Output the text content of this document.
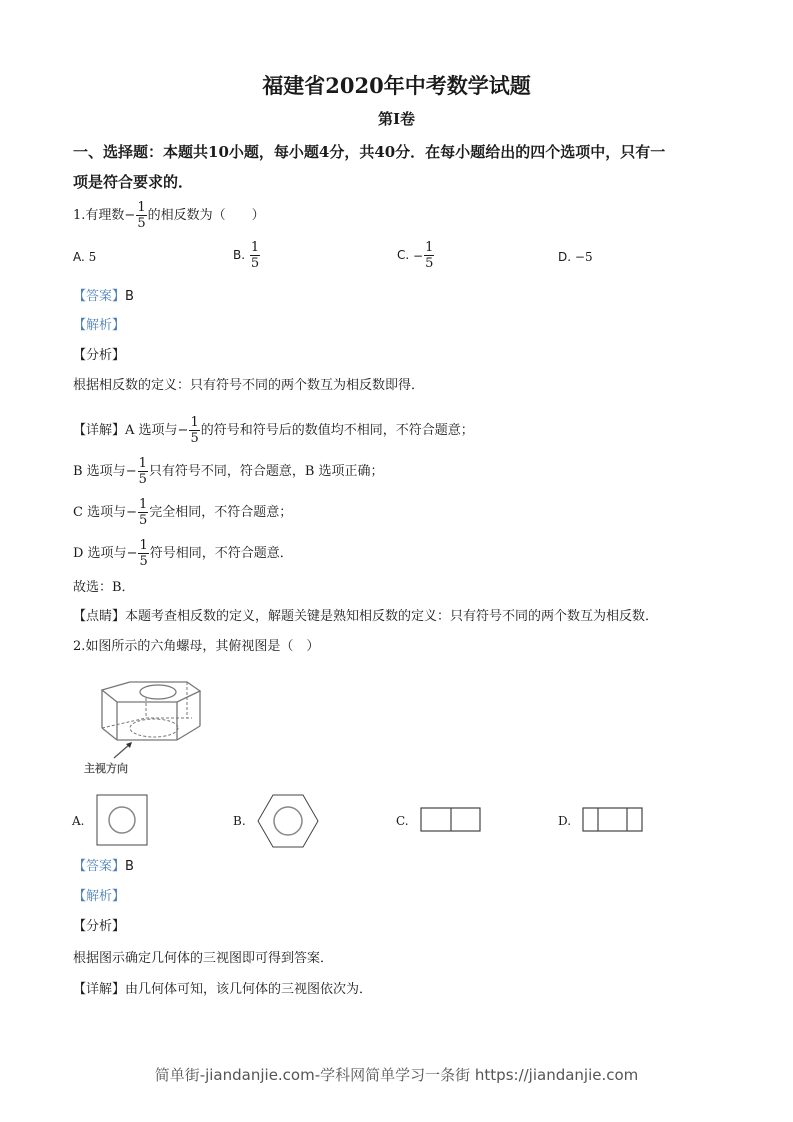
福建省2020年中考数学试题
第Ⅰ卷
一、选择题：本题共10小题，每小题4分，共40分．在每小题给出的四个选项中，只有一
项是符合要求的．
1.有理数− $\frac{1}{5}$ 的相反数为（　　）
A. 5	B. $\frac{1}{5}$	C. − $\frac{1}{5}$	D. −5
【答案】B
【解析】
【分析】
根据相反数的定义：只有符号不同的两个数互为相反数即得．
【详解】A 选项与− $\frac{1}{5}$ 的符号和符号后的数值均不相同，不符合题意；
B 选项与− $\frac{1}{5}$ 只有符号不同，符合题意，B 选项正确；
C 选项与− $\frac{1}{5}$ 完全相同，不符合题意；
D 选项与− $\frac{1}{5}$ 符号相同，不符合题意．
故选：B．
【点睛】本题考查相反数的定义，解题关键是熟知相反数的定义：只有符号不同的两个数互为相反数．
2.如图所示的六角螺母，其俯视图是（　）
主视方向
A.	B.	C.	D.
【答案】B
【解析】
【分析】
根据图示确定几何体的三视图即可得到答案．
【详解】由几何体可知，该几何体的三视图依次为．
简单街-jiandanjie.com-学科网简单学习一条街 https://jiandanjie.com
